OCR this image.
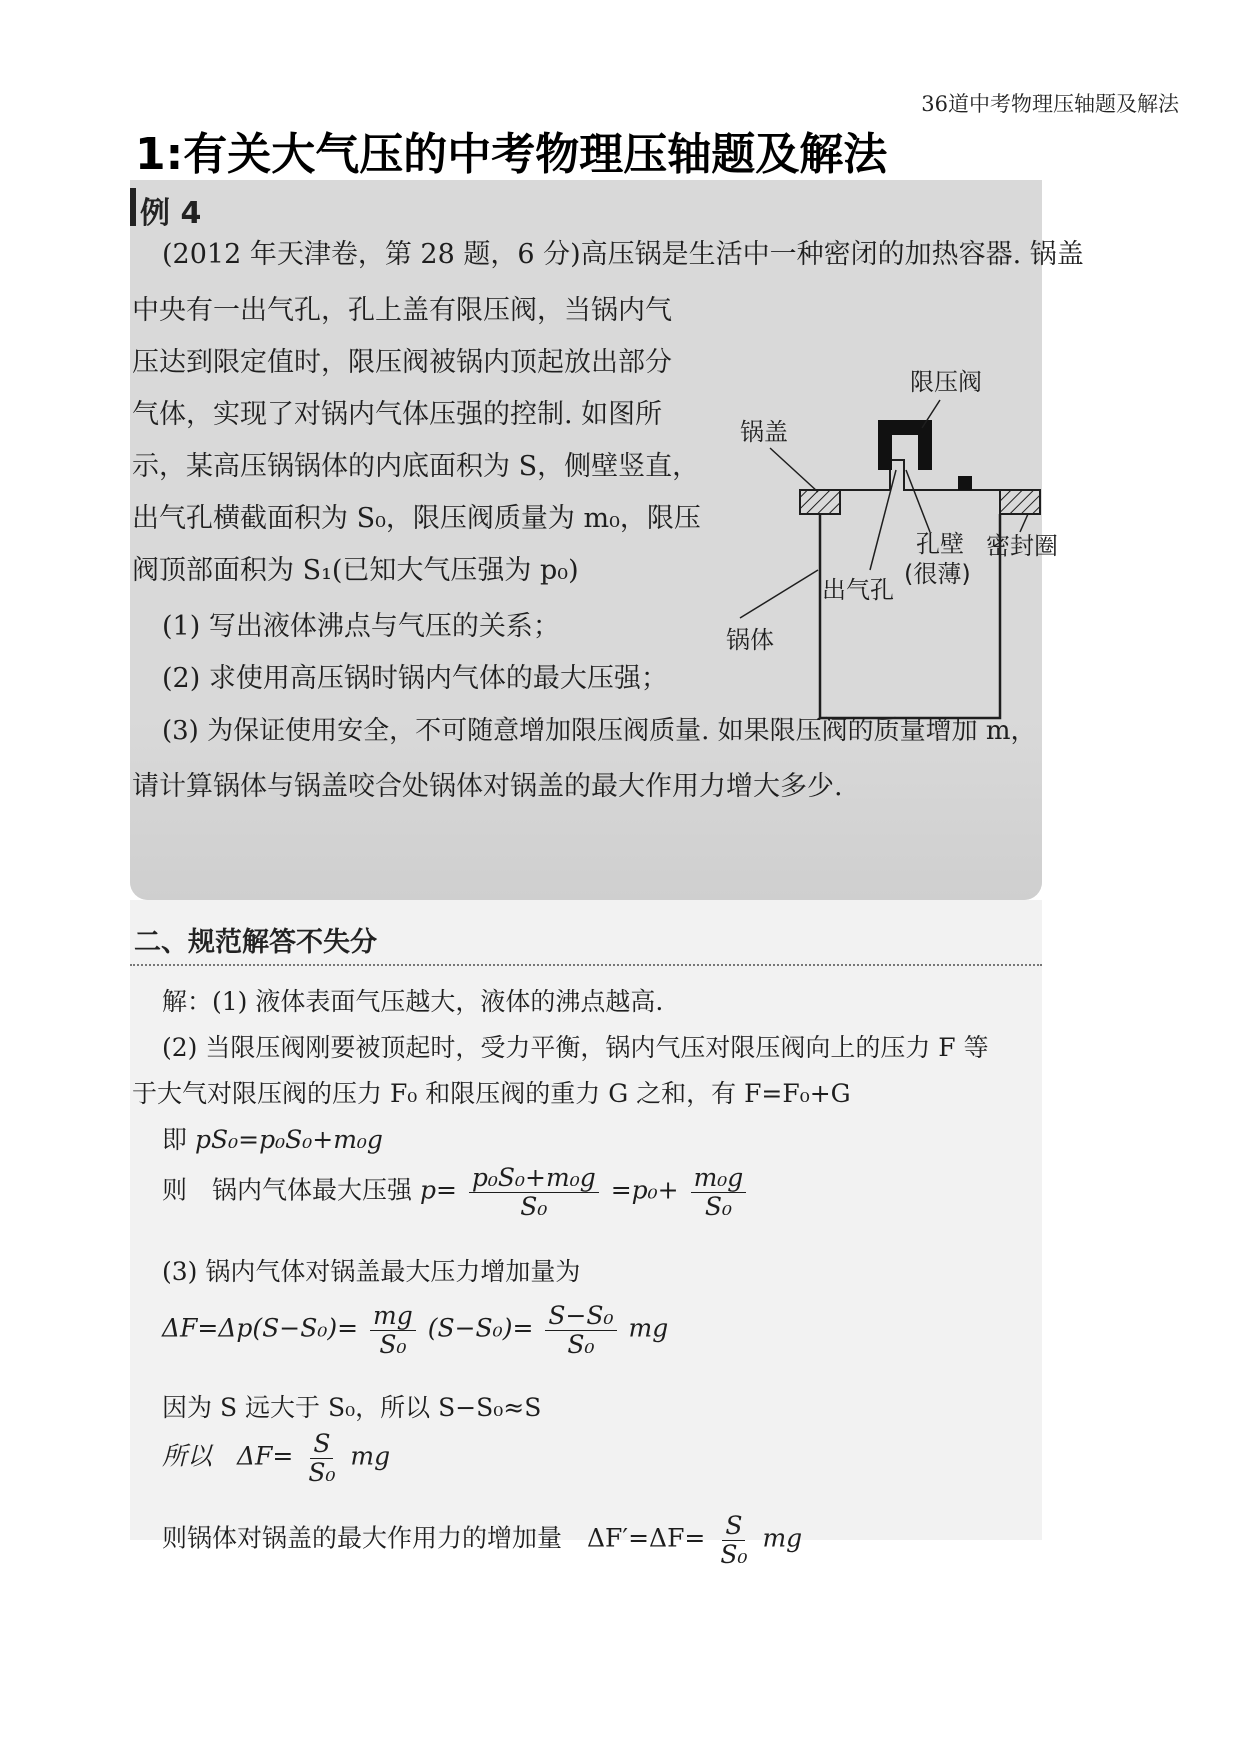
36道中考物理压轴题及解法
1:有关大气压的中考物理压轴题及解法
例 4
(2012 年天津卷，第 28 题，6 分)高压锅是生活中一种密闭的加热容器. 锅盖
中央有一出气孔，孔上盖有限压阀，当锅内气
压达到限定值时，限压阀被锅内顶起放出部分
气体，实现了对锅内气体压强的控制. 如图所
示，某高压锅锅体的内底面积为 S，侧壁竖直，
出气孔横截面积为 S₀，限压阀质量为 m₀，限压
阀顶部面积为 S₁(已知大气压强为 p₀)
(1) 写出液体沸点与气压的关系；
(2) 求使用高压锅时锅内气体的最大压强；
(3) 为保证使用安全，不可随意增加限压阀质量. 如果限压阀的质量增加 m，
请计算锅体与锅盖咬合处锅体对锅盖的最大作用力增大多少.
限压阀
锅盖
孔壁
(很薄)
密封圈
出气孔
锅体
二、规范解答不失分
解：(1) 液体表面气压越大，液体的沸点越高.
(2) 当限压阀刚要被顶起时，受力平衡，锅内气压对限压阀向上的压力 F 等
于大气对限压阀的压力 F₀ 和限压阀的重力 G 之和，有 F=F₀+G
即 pS₀=p₀S₀+m₀g
则　锅内气体最大压强 $p= \frac{\text{p₀S₀+m₀g}}{\text{S₀}} =p_0+ \frac{\text{m₀g}}{\text{S₀}}$
(3) 锅内气体对锅盖最大压力增加量为
$\Delta F=\Delta p(S-S_0)= \frac{mg}{\text{S₀}} (S-S_0)= \frac{\text{S−S₀}}{\text{S₀}}$ mg
因为 S 远大于 S₀，所以 S−S₀≈S
所以　$\Delta F= \frac{S}{\text{S₀}}$ mg
则锅体对锅盖的最大作用力的增加量　$\Delta F'=\Delta F= \frac{S}{\text{S₀}}$ mg
